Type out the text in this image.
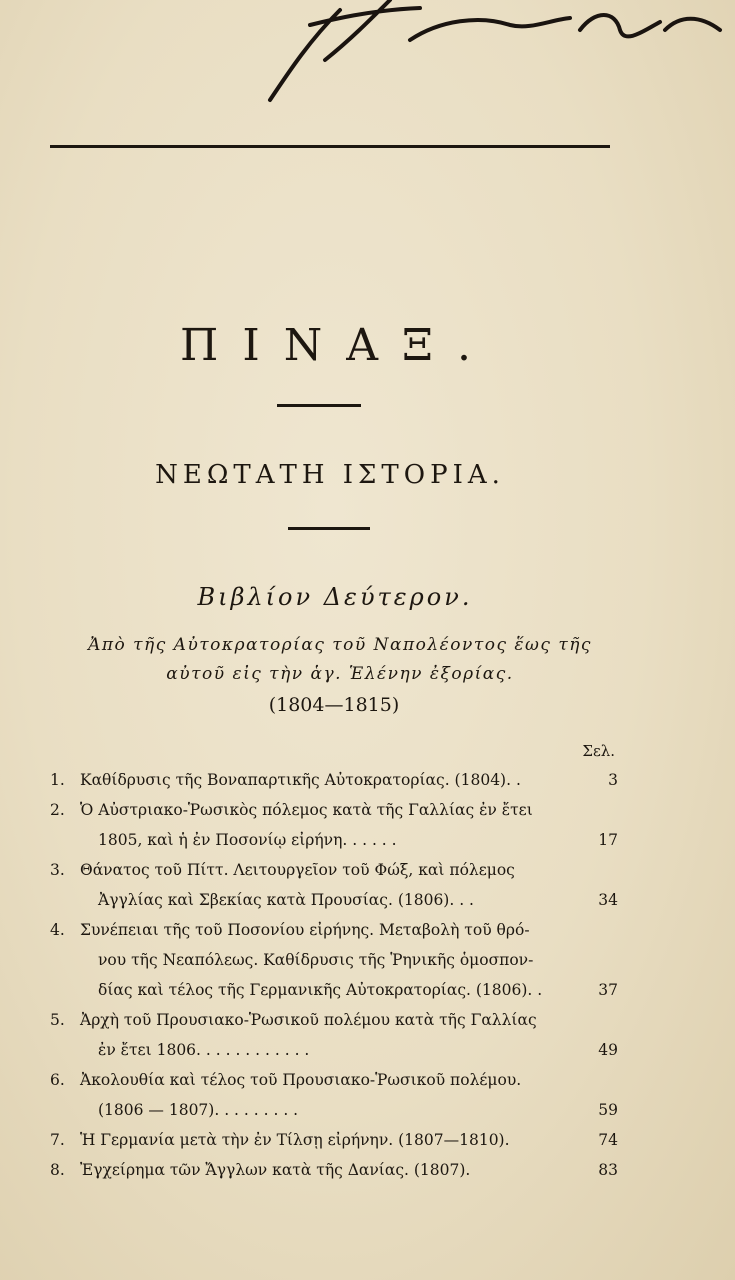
ΠΙΝΑΞ.
ΝΕΩΤΑΤΗ ΙΣΤΟΡΙΑ.
Βιβλίον Δεύτερον.
Ἀπὸ τῆς Αὐτοκρατορίας τοῦ Ναπολέοντος ἕως τῆς
αὐτοῦ εἰς τὴν ἁγ. Ἑλένην ἐξορίας.
(1804—1815)
Σελ.
1. Καθίδρυσις τῆς Βοναπαρτικῆς Αὐτοκρατορίας. (1804). .	3
2. Ὁ Αὐστριακο-Ῥωσικὸς πόλεμος κατὰ τῆς Γαλλίας ἐν ἔτει
1805, καὶ ἡ ἐν Ποσονίῳ εἰρήνη. . . . . .	17
3. Θάνατος τοῦ Πίττ. Λειτουργεῖον τοῦ Φώξ, καὶ πόλεμος
Ἀγγλίας καὶ Σβεκίας κατὰ Προυσίας. (1806). . .	34
4. Συνέπειαι τῆς τοῦ Ποσονίου εἰρήνης. Μεταβολὴ τοῦ θρό-
νου τῆς Νεαπόλεως. Καθίδρυσις τῆς Ῥηνικῆς ὁμοσπον-
δίας καὶ τέλος τῆς Γερμανικῆς Αὐτοκρατορίας. (1806). .	37
5. Ἀρχὴ τοῦ Προυσιακο-Ῥωσικοῦ πολέμου κατὰ τῆς Γαλλίας
ἐν ἔτει 1806. . . . . . . . . . . .	49
6. Ἀκολουθία καὶ τέλος τοῦ Προυσιακο-Ῥωσικοῦ πολέμου.
(1806 — 1807). . . . . . . . .	59
7. Ἡ Γερμανία μετὰ τὴν ἐν Τίλσῃ εἰρήνην. (1807—1810).	74
8. Ἐγχείρημα τῶν Ἄγγλων κατὰ τῆς Δανίας. (1807).	83
